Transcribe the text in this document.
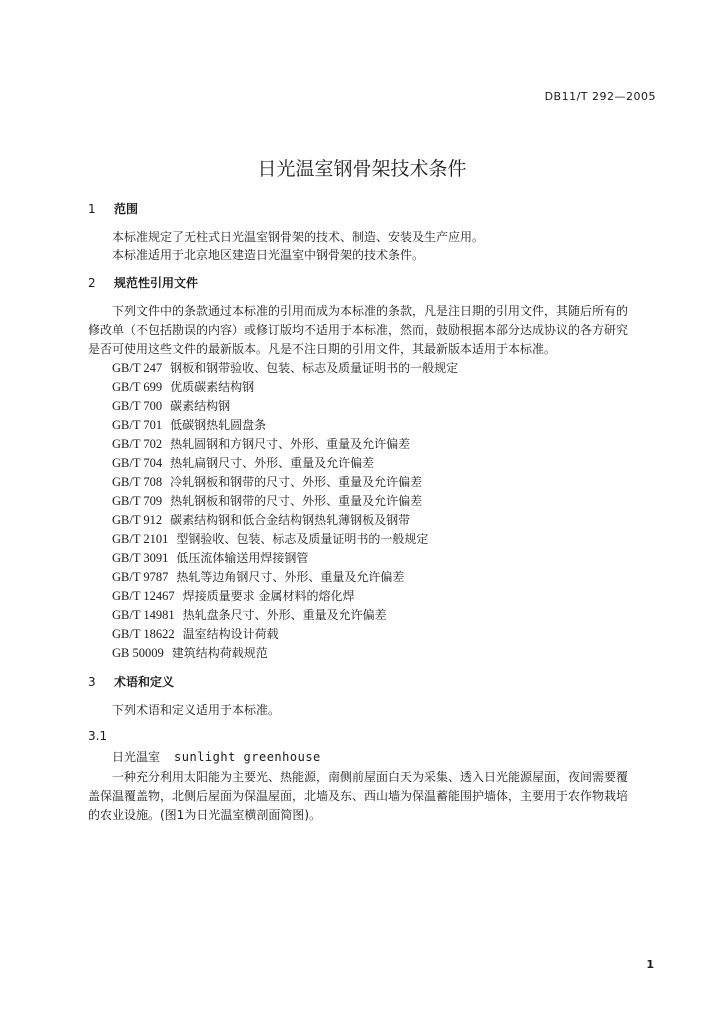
DB11/T 292—2005
日光温室钢骨架技术条件
1 范围
本标准规定了无柱式日光温室钢骨架的技术、制造、安装及生产应用。
本标准适用于北京地区建造日光温室中钢骨架的技术条件。
2 规范性引用文件
下列文件中的条款通过本标准的引用而成为本标准的条款，凡是注日期的引用文件，其随后所有的
修改单（不包括勘误的内容）或修订版均不适用于本标准，然而，鼓励根据本部分达成协议的各方研究
是否可使用这些文件的最新版本。凡是不注日期的引用文件，其最新版本适用于本标准。
GB/T 247 钢板和钢带验收、包装、标志及质量证明书的一般规定
GB/T 699 优质碳素结构钢
GB/T 700 碳素结构钢
GB/T 701 低碳钢热轧圆盘条
GB/T 702 热轧圆钢和方钢尺寸、外形、重量及允许偏差
GB/T 704 热轧扁钢尺寸、外形、重量及允许偏差
GB/T 708 冷轧钢板和钢带的尺寸、外形、重量及允许偏差
GB/T 709 热轧钢板和钢带的尺寸、外形、重量及允许偏差
GB/T 912 碳素结构钢和低合金结构钢热轧薄钢板及钢带
GB/T 2101 型钢验收、包装、标志及质量证明书的一般规定
GB/T 3091 低压流体输送用焊接钢管
GB/T 9787 热轧等边角钢尺寸、外形、重量及允许偏差
GB/T 12467 焊接质量要求 金属材料的熔化焊
GB/T 14981 热轧盘条尺寸、外形、重量及允许偏差
GB/T 18622 温室结构设计荷载
GB 50009 建筑结构荷载规范
3 术语和定义
下列术语和定义适用于本标准。
3.1
日光温室 sunlight greenhouse
一种充分利用太阳能为主要光、热能源，南侧前屋面白天为采集、透入日光能源屋面，夜间需要覆
盖保温覆盖物，北侧后屋面为保温屋面，北墙及东、西山墙为保温蓄能围护墙体，主要用于农作物栽培
的农业设施。(图1为日光温室横剖面简图)。
1
